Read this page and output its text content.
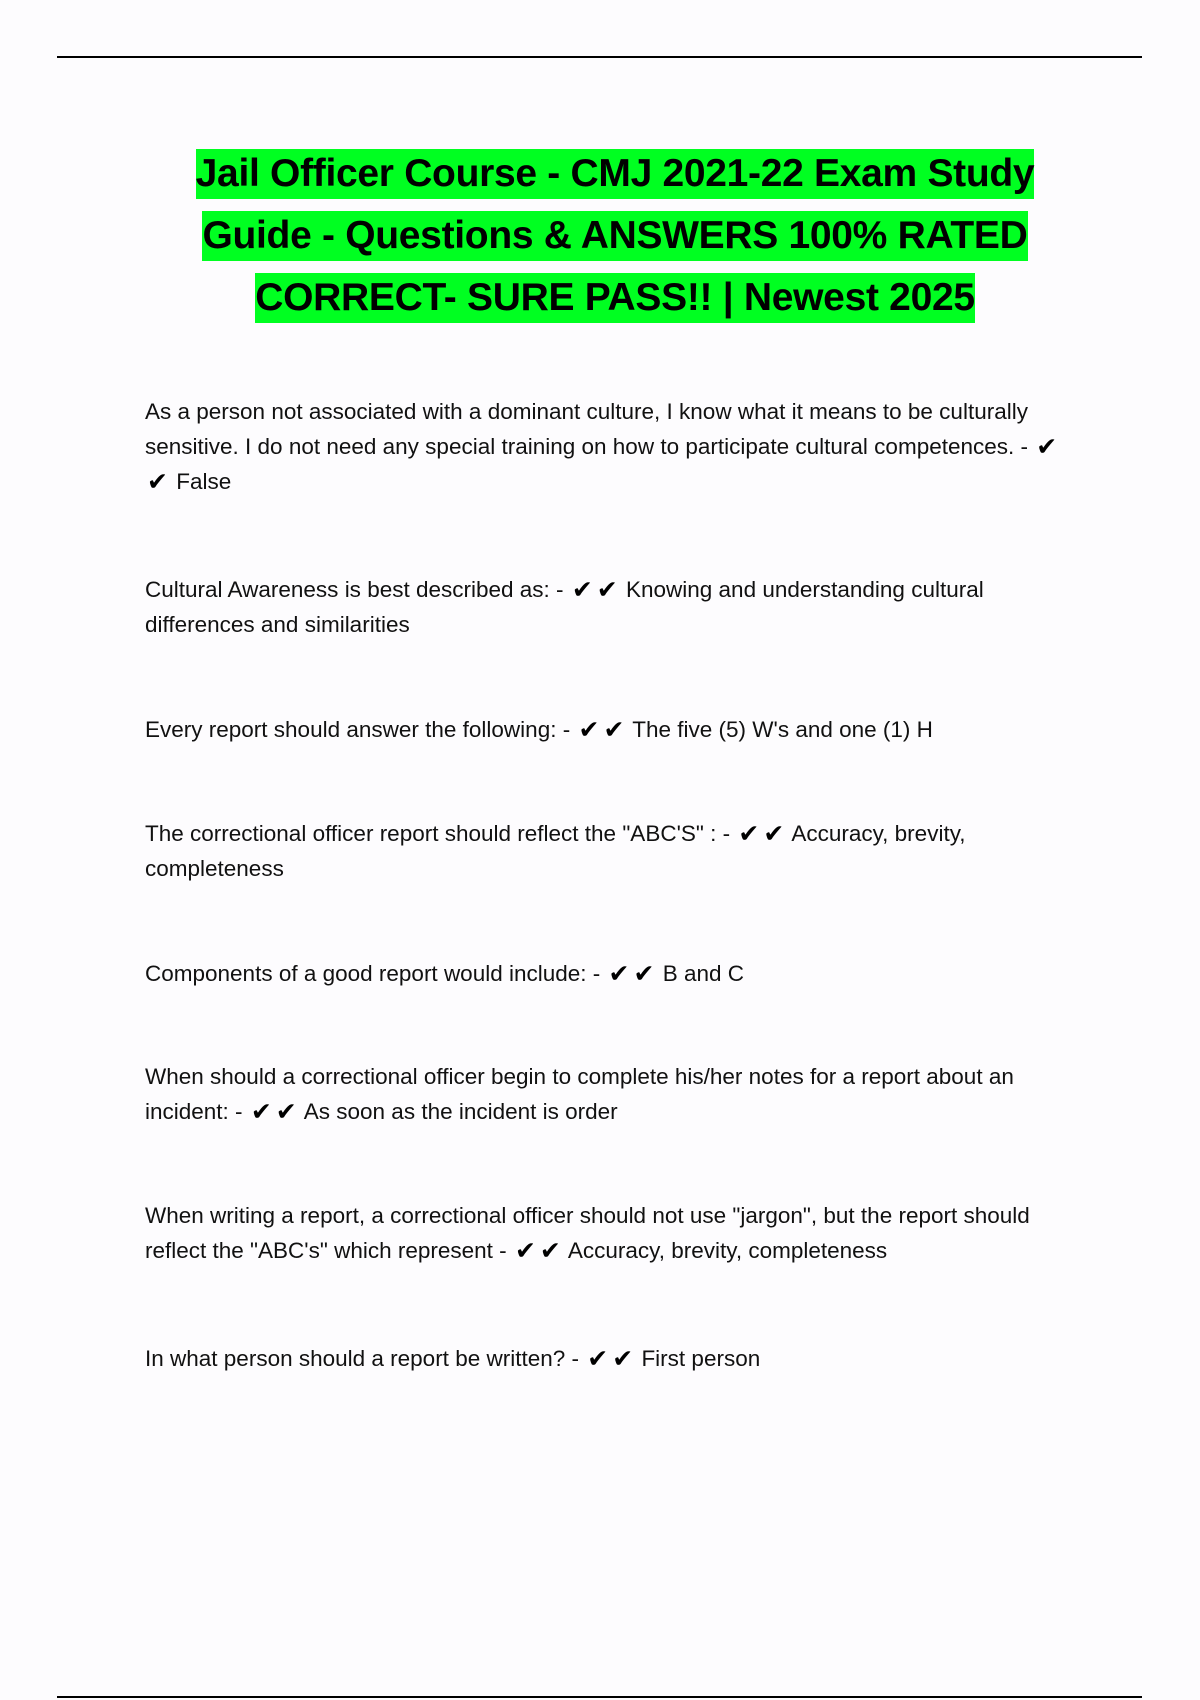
Jail Officer Course - CMJ 2021-22 Exam Study Guide - Questions & ANSWERS 100% RATED CORRECT- SURE PASS!! | Newest 2025
As a person not associated with a dominant culture, I know what it means to be culturally sensitive. I do not need any special training on how to participate cultural competences. - ✔✔ False
Cultural Awareness is best described as: - ✔ ✔ Knowing and understanding cultural differences and similarities
Every report should answer the following: - ✔ ✔ The five (5) W's and one (1) H
The correctional officer report should reflect the "ABC'S" : - ✔ ✔ Accuracy, brevity, completeness
Components of a good report would include: - ✔ ✔ B and C
When should a correctional officer begin to complete his/her notes for a report about an incident: - ✔ ✔ As soon as the incident is order
When writing a report, a correctional officer should not use "jargon", but the report should reflect the "ABC's" which represent - ✔ ✔ Accuracy, brevity, completeness
In what person should a report be written? - ✔ ✔ First person
